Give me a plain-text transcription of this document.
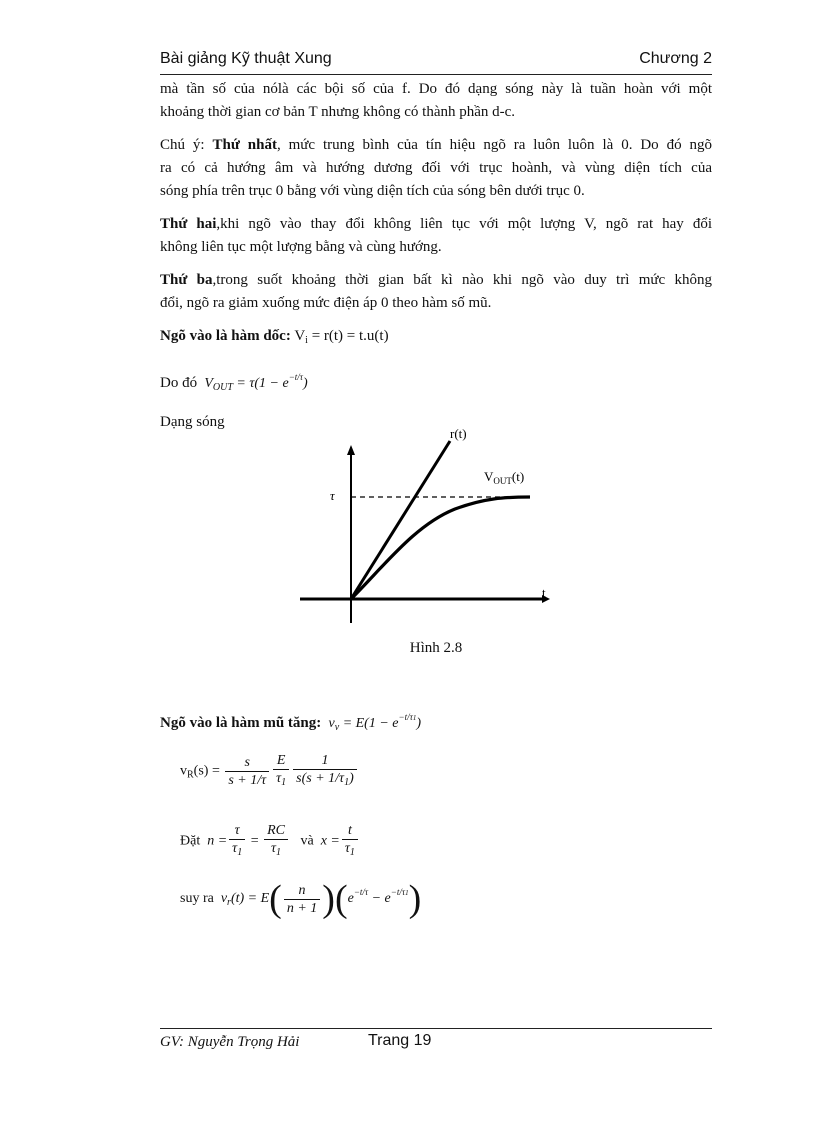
Bài giảng Kỹ thuật Xung	Chương 2

mà tần số của nólà các bội số của f. Do đó dạng sóng này là tuần hoàn với một
khoảng thời gian cơ bản T nhưng không có thành phần d-c.

Chú ý: Thứ nhất, mức trung bình của tín hiệu ngõ ra luôn luôn là 0. Do đó ngõ
ra có cả hướng âm và hướng dương đối với trục hoành, và vùng diện tích của
sóng phía trên trục 0 bằng với vùng diện tích của sóng bên dưới trục 0.

Thứ hai,khi ngõ vào thay đổi không liên tục với một lượng V, ngõ rat hay đổi
không liên tục một lượng bằng và cùng hướng.

Thứ ba,trong suốt khoảng thời gian bất kì nào khi ngõ vào duy trì mức không
đổi, ngõ ra giảm xuống mức điện áp 0 theo hàm số mũ.

Ngõ vào là hàm dốc: $V_i = r(t) = t.u(t)$

Do đó  $V_{OUT} = \tau(1 - e^{-t/\tau})$

Dạng sóng

r(t)
$V_{OUT}(t)$
τ
t
Hình 2.8
Ngõ vào là hàm mũ tăng:  $v_v = E(1 - e^{-t/\tau 1})$
$v_R(s) = \frac{s}{s + 1/\tau} \frac{E}{\tau_1} \frac{1}{s(s + 1/\tau_1)}$
Đặt  $n = \frac{\tau}{\tau_1} = \frac{RC}{\tau_1}$ và  $x = \frac{t}{\tau_1}$
suy ra  $v_r(t) = E( \frac{n}{n + 1} )(e^{-t/\tau} - e^{-t/\tau 1})$
GV: Nguyễn Trọng Hải	Trang 19
